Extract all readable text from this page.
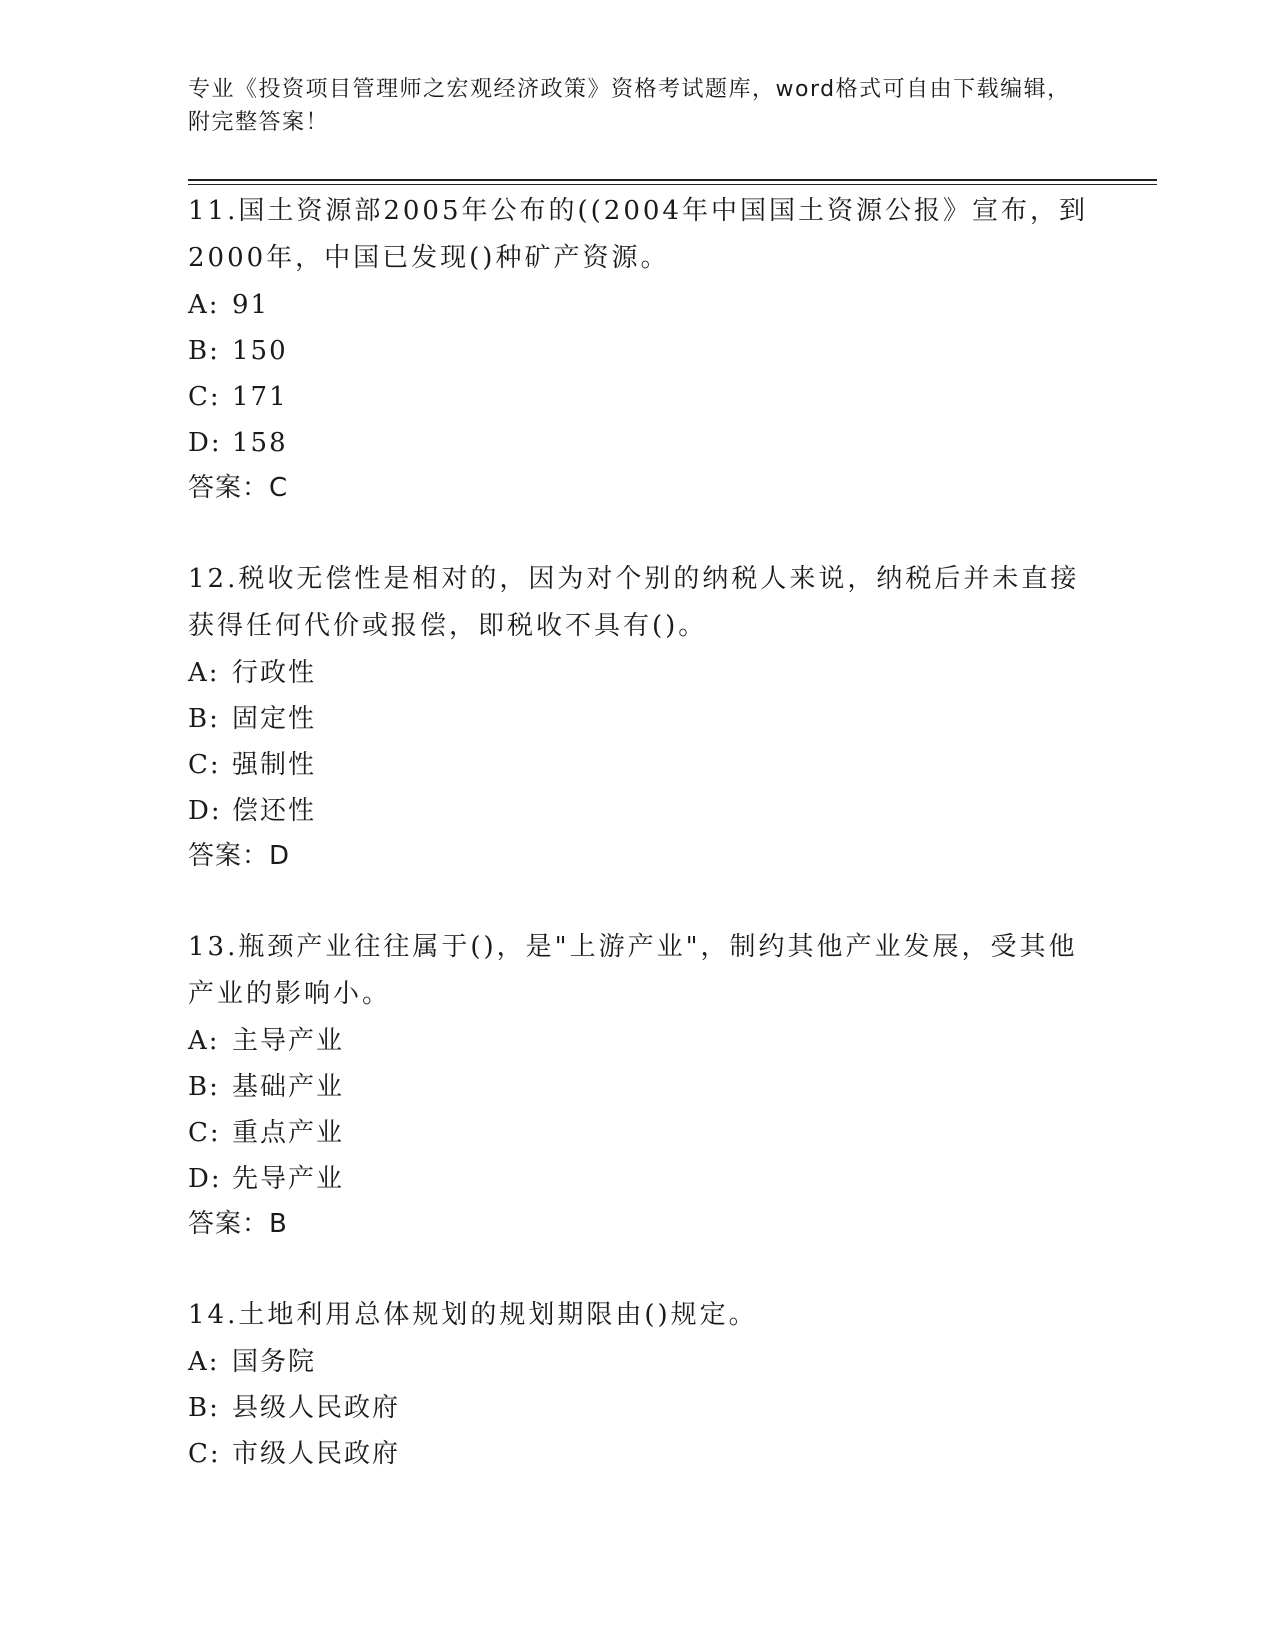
专业《投资项目管理师之宏观经济政策》资格考试题库，word格式可自由下载编辑，附完整答案！

11.国土资源部2005年公布的((2004年中国国土资源公报》宣布，到2000年，中国已发现()种矿产资源。

A: 91

B: 150

C: 171

D: 158

答案：C

12.税收无偿性是相对的，因为对个别的纳税人来说，纳税后并未直接获得任何代价或报偿，即税收不具有()。

A: 行政性

B: 固定性

C: 强制性

D: 偿还性

答案：D

13.瓶颈产业往往属于()，是"上游产业"，制约其他产业发展，受其他产业的影响小。

A: 主导产业

B: 基础产业

C: 重点产业

D: 先导产业

答案：B

14.土地利用总体规划的规划期限由()规定。

A: 国务院

B: 县级人民政府

C: 市级人民政府
